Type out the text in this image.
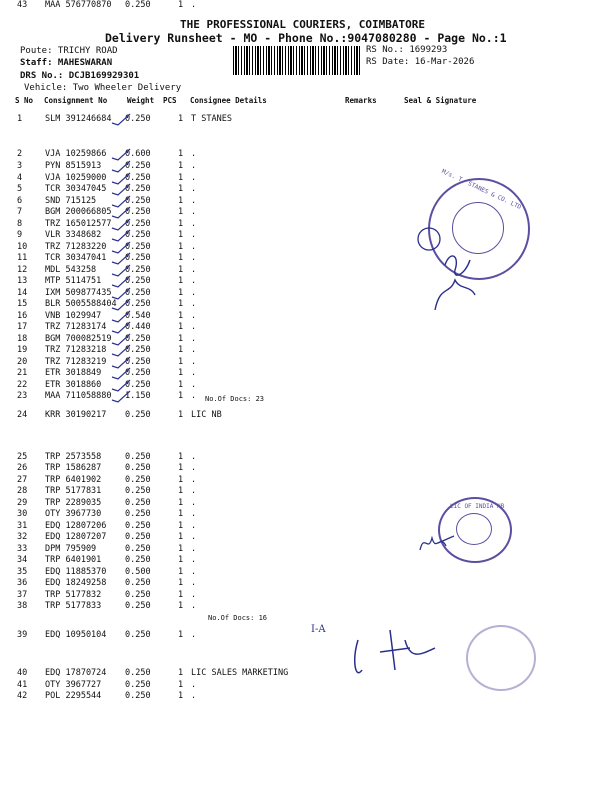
THE PROFESSIONAL COURIERS, COIMBATORE
Delivery Runsheet - MO - Phone No.:9047080280 - Page No.:1
Poute: TRICHY ROAD
Staff: MAHESWARAN
DRS No.: DCJB169929301
Vehicle: Two Wheeler Delivery
RS No.: 1699293
RS Date: 16-Mar-2026
S No Consignment No	Weight PCS Consignee Details	Remarks	Seal & Signature
1	SLM 391246684 0.250	1 T STANES
2	VJA 10259866 0.600	1 .
3	PYN 8515913	0.250	1 .
4	VJA 10259000 0.250	1 .
5	TCR 30347045 0.250	1 .
6	SND 715125	0.250	1 .
7	BGM 200066805 0.250	1 .
8	TRZ 165012577 0.250	1 .
9	VLR 3348682	0.250	1 .
10 TRZ 71283220 0.250	1 .
11 TCR 30347041 0.250	1 .
12 MDL 543258	0.250	1 .
13 MTP 5114751	0.250	1 .
14 IXM 509877435 0.250	1 .
15 BLR 5005588404 0.250	1 .
16 VNB 1029947	0.540	1 .
17 TRZ 71283174 0.440	1 .
18 BGM 700082519 0.250	1 .
19 TRZ 71283218 0.250	1 .
20 TRZ 71283219 0.250	1 .
21 ETR 3018849	0.250	1 .
22 ETR 3018860	0.250	1 .
23 MAA 711058880 1.150	1 .
24 KRR 30190217 0.250	1 LIC NB
25 TRP 2573558	0.250	1 .
26 TRP 1586287	0.250	1 .
27 TRP 6401902	0.250	1 .
28 TRP 5177831	0.250	1 .
29 TRP 2289035	0.250	1 .
30 OTY 3967730	0.250	1 .
31 EDQ 12807206 0.250	1 .
32 EDQ 12807207 0.250	1 .
33 DPM 795909	0.250	1 .
34 TRP 6401901	0.250	1 .
35 EDQ 11885370 0.500	1 .
36 EDQ 18249258 0.250	1 .
37 TRP 5177832	0.250	1 .
38 TRP 5177833	0.250	1 .
39 EDQ 10950104 0.250	1 .
40 EDQ 17870724 0.250	1 LIC SALES MARKETING
41 OTY 3967727	0.250	1 .
42 POL 2295544	0.250	1 .
43 MAA 576770870 0.250	1 .
No.Of Docs: 23
No.Of Docs: 16
M/s. T. STANES & CO. LTD
LIC OF INDIA NB
I-A
